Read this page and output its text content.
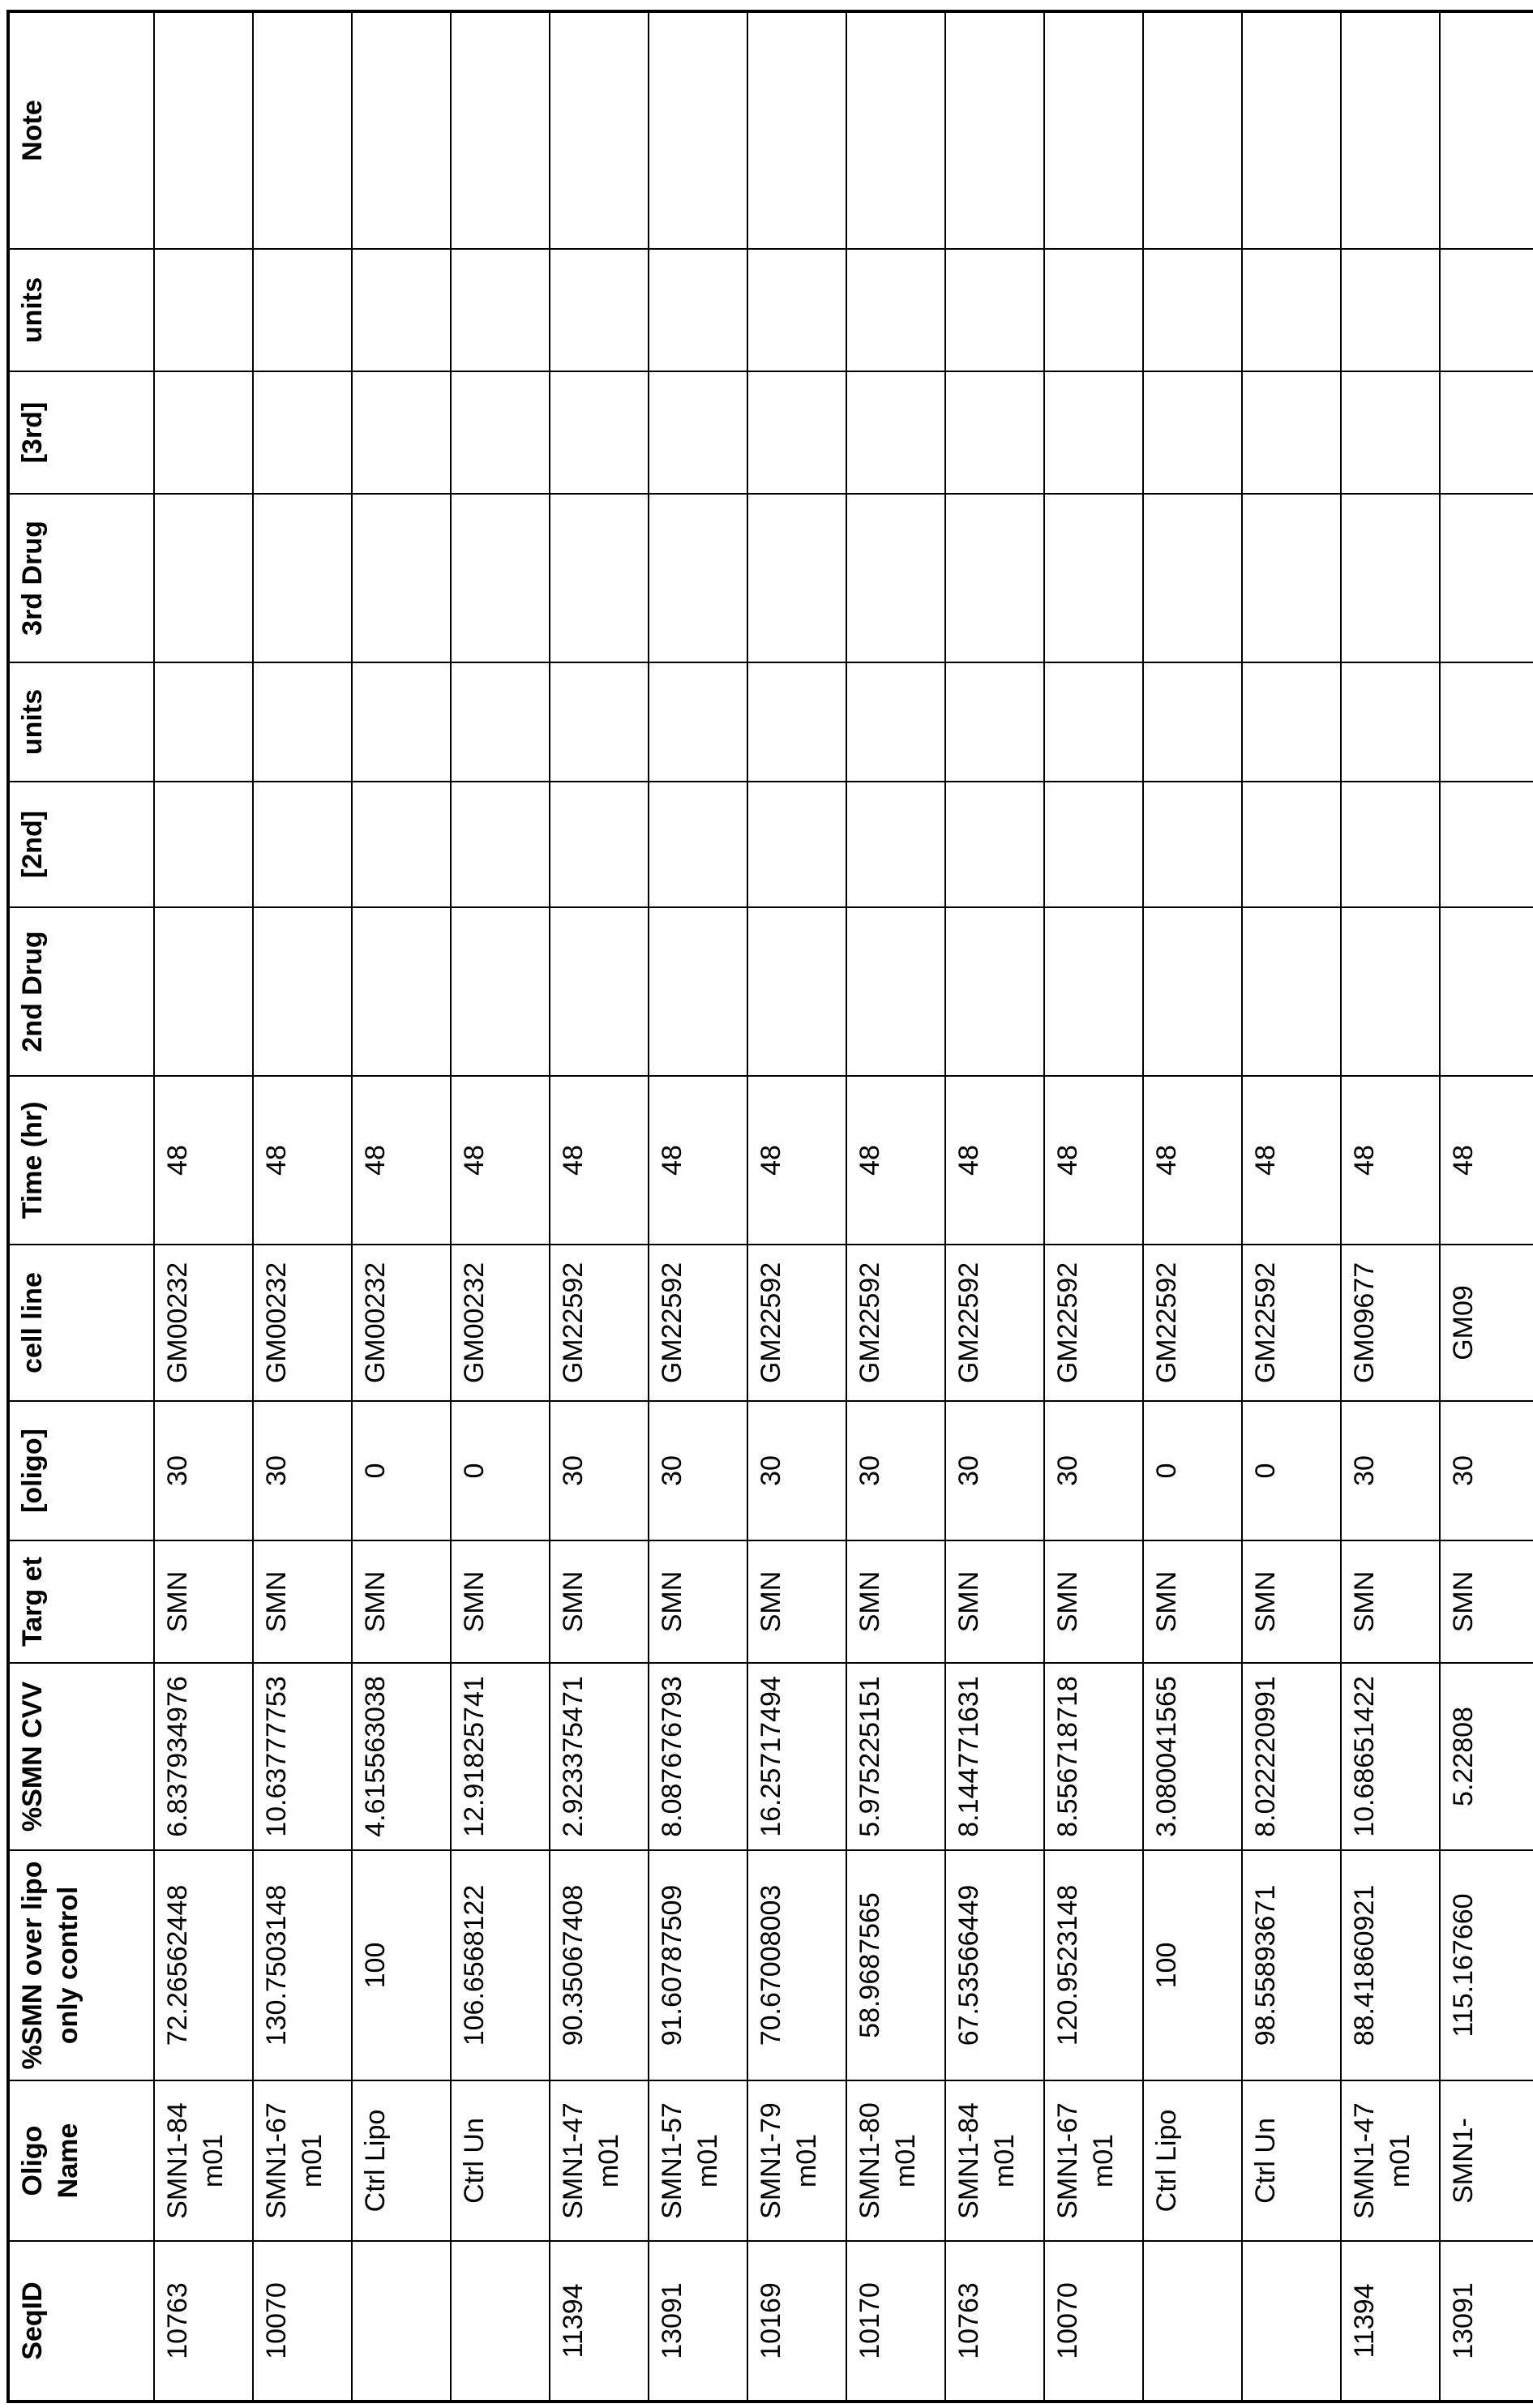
SeqID	Oligo Name	%SMN over lipo only control	%SMN CVV	Targ et	[oligo]	cell line	Time (hr)	2nd Drug	[2nd]	units	3rd Drug	[3rd]	units	Note
10763	SMN1-84 m01	72.26562448	6.837934976	SMN	30	GM00232	48							
10070	SMN1-67 m01	130.7503148	10.63777753	SMN	30	GM00232	48							
	Ctrl Lipo	100	4.615563038	SMN	0	GM00232	48							
	Ctrl Un	106.6568122	12.91825741	SMN	0	GM00232	48							
11394	SMN1-47 m01	90.35067408	2.923375471	SMN	30	GM22592	48							
13091	SMN1-57 m01	91.60787509	8.087676793	SMN	30	GM22592	48							
10169	SMN1-79 m01	70.67008003	16.25717494	SMN	30	GM22592	48							
10170	SMN1-80 m01	58.9687565	5.975225151	SMN	30	GM22592	48							
10763	SMN1-84 m01	67.53566449	8.144771631	SMN	30	GM22592	48							
10070	SMN1-67 m01	120.9523148	8.556718718	SMN	30	GM22592	48							
	Ctrl Lipo	100	3.080041565	SMN	0	GM22592	48							
	Ctrl Un	98.55893671	8.022220991	SMN	0	GM22592	48							
11394	SMN1-47 m01	88.41860921	10.68651422	SMN	30	GM09677	48							
13091	SMN1-	115.167660	5.22808	SMN	30	GM09	48							
